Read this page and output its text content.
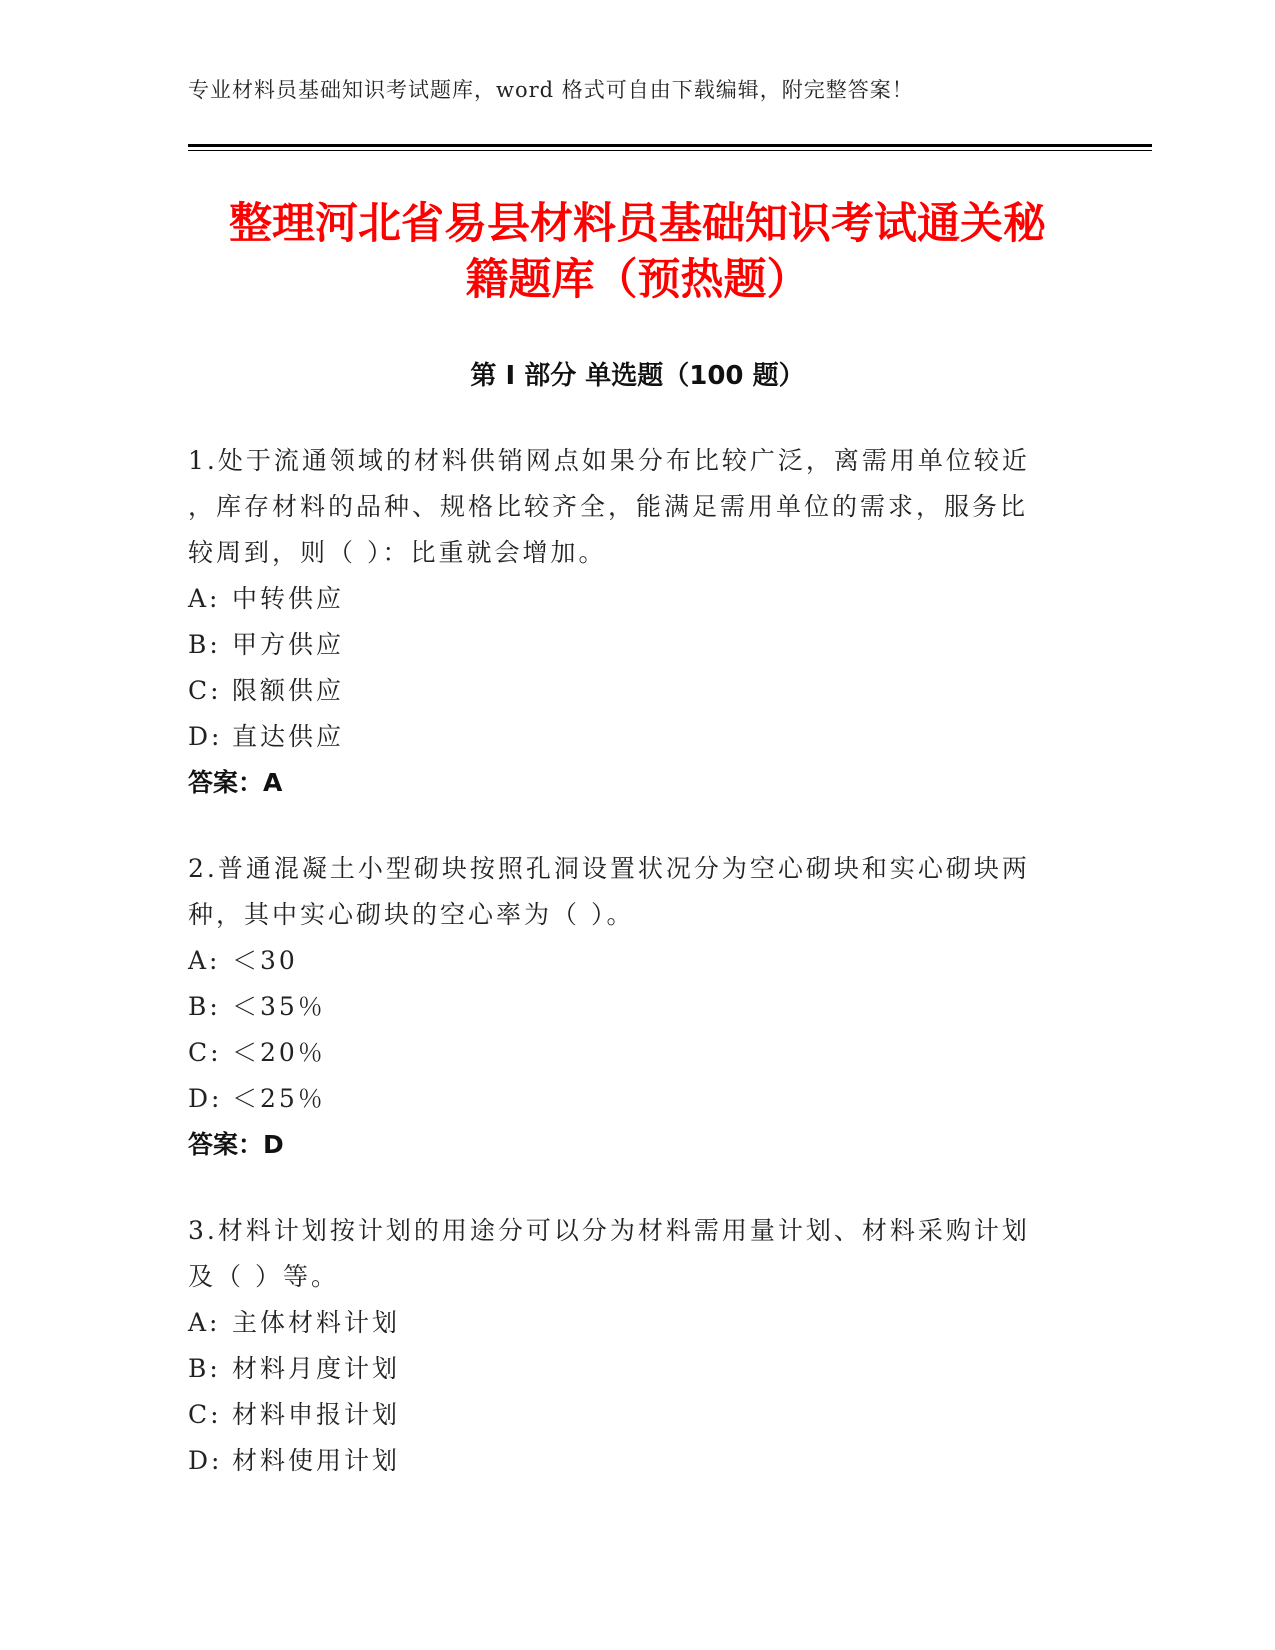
专业材料员基础知识考试题库，word 格式可自由下载编辑，附完整答案！
整理河北省易县材料员基础知识考试通关秘
籍题库（预热题）
第 I 部分 单选题（100 题）

1.处于流通领域的材料供销网点如果分布比较广泛，离需用单位较近
，库存材料的品种、规格比较齐全，能满足需用单位的需求，服务比
较周到，则（ ）：比重就会增加。

A: 中转供应
B: 甲方供应
C: 限额供应
D: 直达供应
答案：A

2.普通混凝土小型砌块按照孔洞设置状况分为空心砌块和实心砌块两
种，其中实心砌块的空心率为（ ）。

A: ＜30
B: ＜35％
C: ＜20％
D: ＜25％
答案：D

3.材料计划按计划的用途分可以分为材料需用量计划、材料采购计划
及（ ）等。

A: 主体材料计划
B: 材料月度计划
C: 材料申报计划
D: 材料使用计划
